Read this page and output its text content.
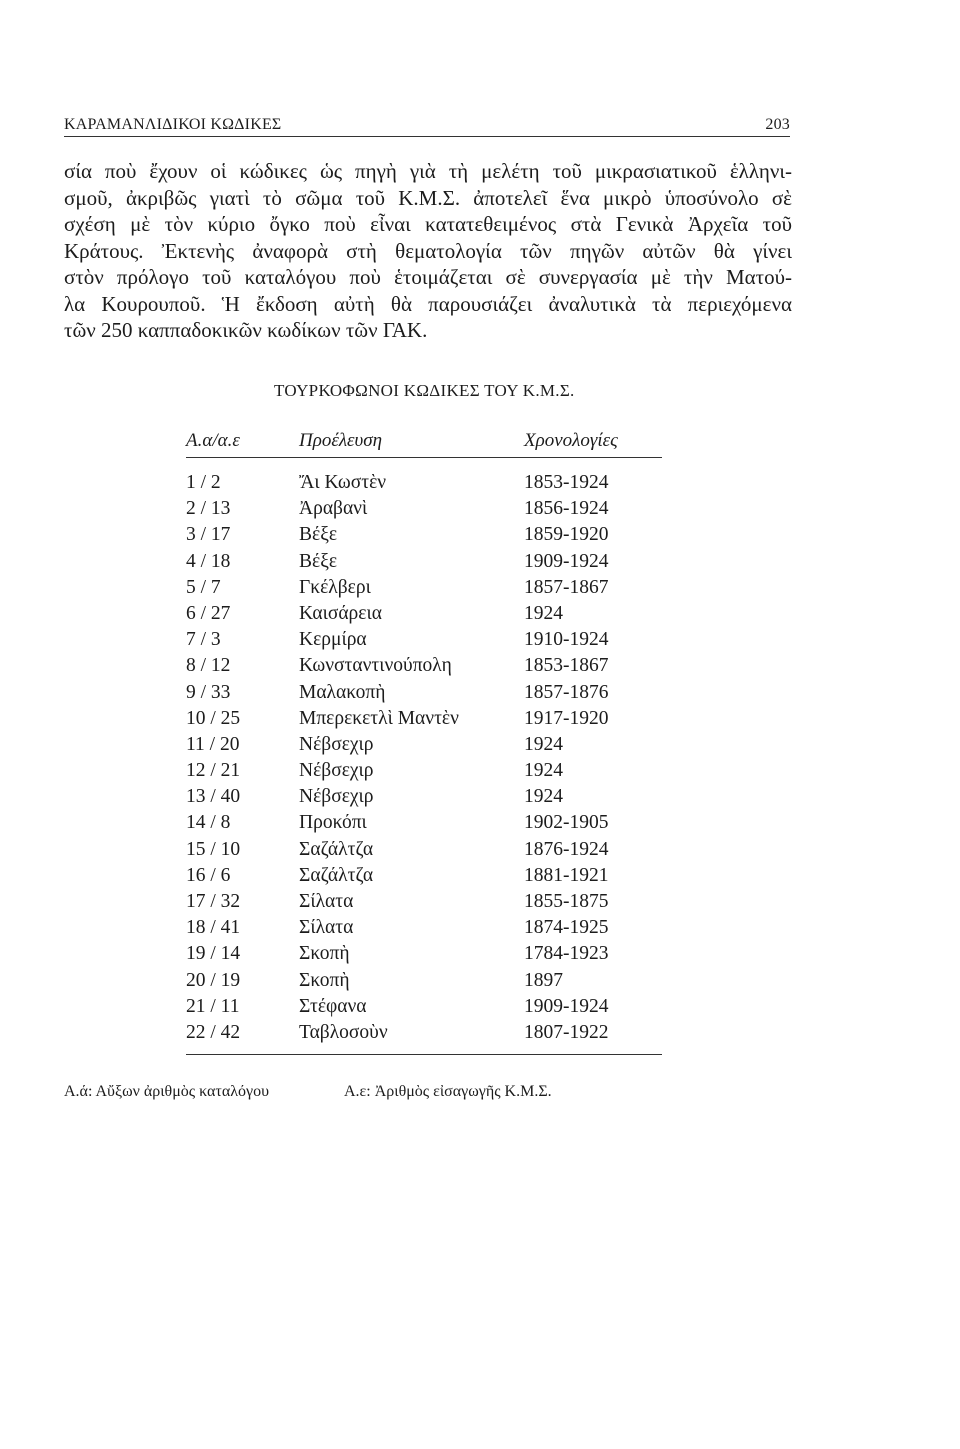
ΚΑΡΑΜΑΝΛΙΔΙΚΟΙ ΚΩΔΙΚΕΣ	203

σία ποὺ ἔχουν οἱ κώδικες ὡς πηγὴ γιὰ τὴ μελέτη τοῦ μικρασιατικοῦ ἑλληνι-
σμοῦ, ἀκριβῶς γιατὶ τὸ σῶμα τοῦ Κ.Μ.Σ. ἀποτελεῖ ἕνα μικρὸ ὑποσύνολο σὲ
σχέση μὲ τὸν κύριο ὄγκο ποὺ εἶναι κατατεθειμένος στὰ Γενικὰ Ἀρχεῖα τοῦ
Κράτους. Ἐκτενὴς ἀναφορὰ στὴ θεματολογία τῶν πηγῶν αὐτῶν θὰ γίνει
στὸν πρόλογο τοῦ καταλόγου ποὺ ἑτοιμάζεται σὲ συνεργασία μὲ τὴν Ματού-
λα Κουρουποῦ. Ἡ ἔκδοση αὐτὴ θὰ παρουσιάζει ἀναλυτικὰ τὰ περιεχόμενα
τῶν 250 καππαδοκικῶν κωδίκων τῶν ΓΑΚ.

ΤΟΥΡΚΟΦΩΝΟΙ ΚΩΔΙΚΕΣ ΤΟΥ Κ.Μ.Σ.
Α.α/α.ε	Προέλευση	Χρονολογίες
1 / 2	Ἄι Κωστὲν	1853-1924
2 / 13	Ἀραβανὶ	1856-1924
3 / 17	Βέξε	1859-1920
4 / 18	Βέξε	1909-1924
5 / 7	Γκέλβερι	1857-1867
6 / 27	Καισάρεια	1924
7 / 3	Κερμίρα	1910-1924
8 / 12	Κωνσταντινούπολη	1853-1867
9 / 33	Μαλακοπὴ	1857-1876
10 / 25	Μπερεκετλὶ Μαντὲν	1917-1920
11 / 20	Νέβσεχιρ	1924
12 / 21	Νέβσεχιρ	1924
13 / 40	Νέβσεχιρ	1924
14 / 8	Προκόπι	1902-1905
15 / 10	Σαζάλτζα	1876-1924
16 / 6	Σαζάλτζα	1881-1921
17 / 32	Σίλατα	1855-1875
18 / 41	Σίλατα	1874-1925
19 / 14	Σκοπὴ	1784-1923
20 / 19	Σκοπὴ	1897
21 / 11	Στέφανα	1909-1924
22 / 42	Ταβλοσοὺν	1807-1922
Α.ά: Αὔξων ἀριθμὸς καταλόγου	Α.ε: Ἀριθμὸς εἰσαγωγῆς Κ.Μ.Σ.
